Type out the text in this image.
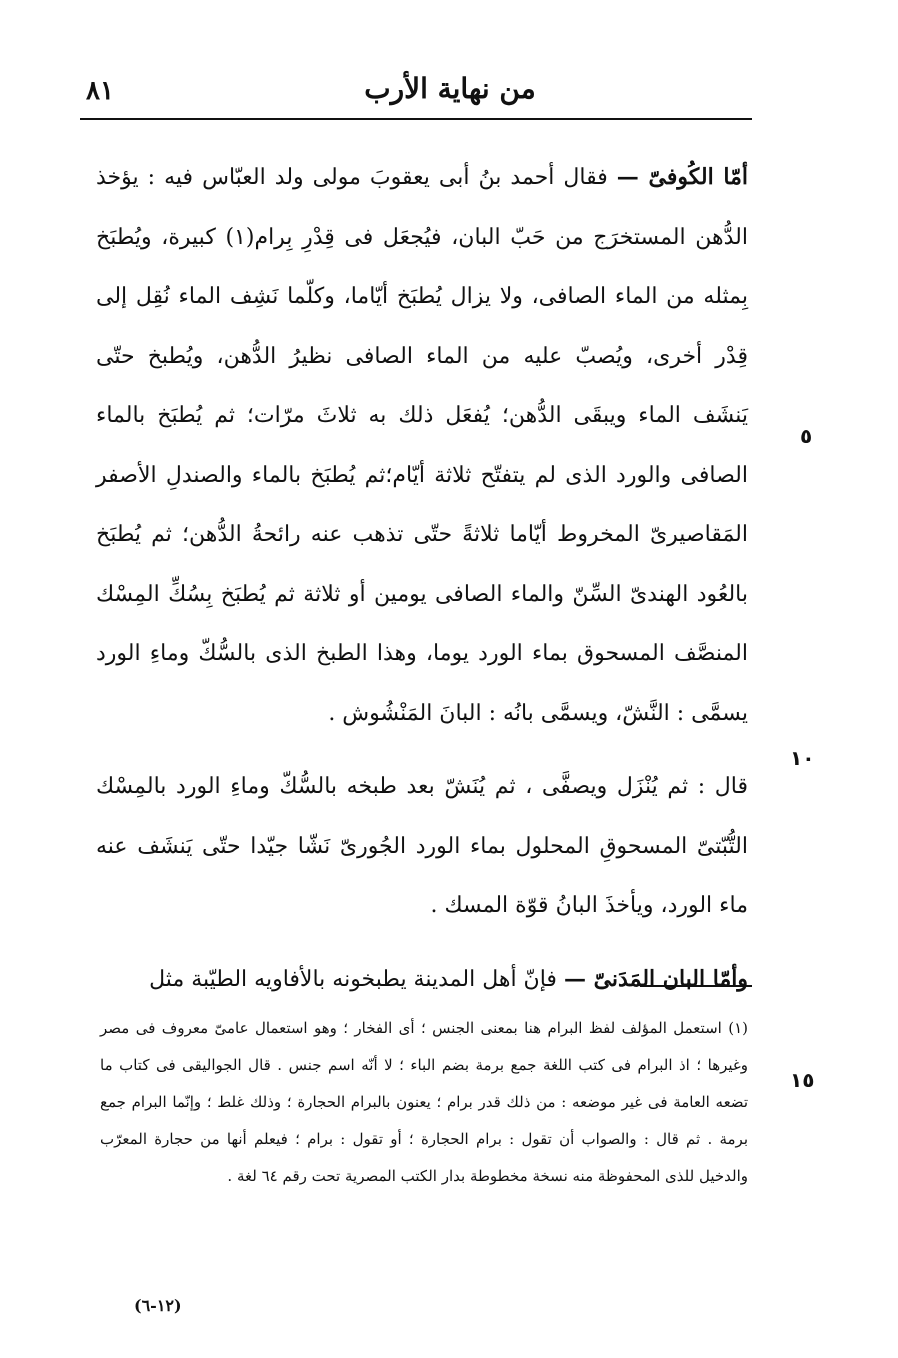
من نهاية الأرب
٨١

أمّا الكُوفىّ — فقال أحمد بنُ أبى يعقوبَ مولى ولد العبّاس فيه : يؤخذ الدُّهن المستخرَج من حَبّ البان، فيُجعَل فى قِدْرِ بِرام(١) كبيرة، ويُطبَخ بِمثله من الماء الصافى، ولا يزال يُطبَخ أيّاما، وكلّما نَشِف الماء نُقِل إلى قِدْر أخرى، ويُصبّ عليه من الماء الصافى نظيرُ الدُّهن، ويُطبخ حتّى يَنشَف الماء ويبقَى الدُّهن؛ يُفعَل ذلك به ثلاثَ مرّات؛ ثم يُطبَخ بالماء الصافى والورد الذى لم يتفتّح ثلاثة أيّام؛ثم يُطبَخ بالماء والصندلِ الأصفر المَقاصيرىّ المخروط أيّاما ثلاثةً حتّى تذهب عنه رائحةُ الدُّهن؛ ثم يُطبَخ بالعُود الهندىّ السِّنّ والماء الصافى يومين أو ثلاثة ثم يُطبَخ بِسُكِّ المِسْك المنصَّف المسحوق بماء الورد يوما، وهذا الطبخ الذى بالسُّكّ وماءِ الورد يسمَّى : النَّشّ، ويسمَّى بانُه : البانَ المَنْشُوش .

قال : ثم يُنْزَل ويصفَّى ، ثم يُنَشّ بعد طبخه بالسُّكّ وماءِ الورد بالمِسْك التُّبّتىّ المسحوقِ المحلول بماء الورد الجُورىّ نَشّا جيّدا حتّى يَنشَف عنه ماء الورد، ويأخذَ البانُ قوّة المسك .

وأمّا البان المَدَنىّ — فإنّ أهل المدينة يطبخونه بالأفاويه الطيّبة مثل

٥
١٠
١٥

(١) استعمل المؤلف لفظ البرام هنا بمعنى الجنس ؛ أى الفخار ؛ وهو استعمال عامىّ معروف فى مصر وغيرها ؛ اذ البرام فى كتب اللغة جمع برمة بضم الباء ؛ لا أنّه اسم جنس . قال الجواليقى فى كتاب ما تضعه العامة فى غير موضعه : من ذلك قدر برام ؛ يعنون بالبرام الحجارة ؛ وذلك غلط ؛ وإنّما البرام جمع برمة . ثم قال : والصواب أن تقول : برام الحجارة ؛ أو تقول : برام ؛ فيعلم أنها من حجارة المعرّب والدخيل للذى المحفوظة منه نسخة مخطوطة بدار الكتب المصرية تحت رقم ٦٤ لغة .

(١٢-٦)
